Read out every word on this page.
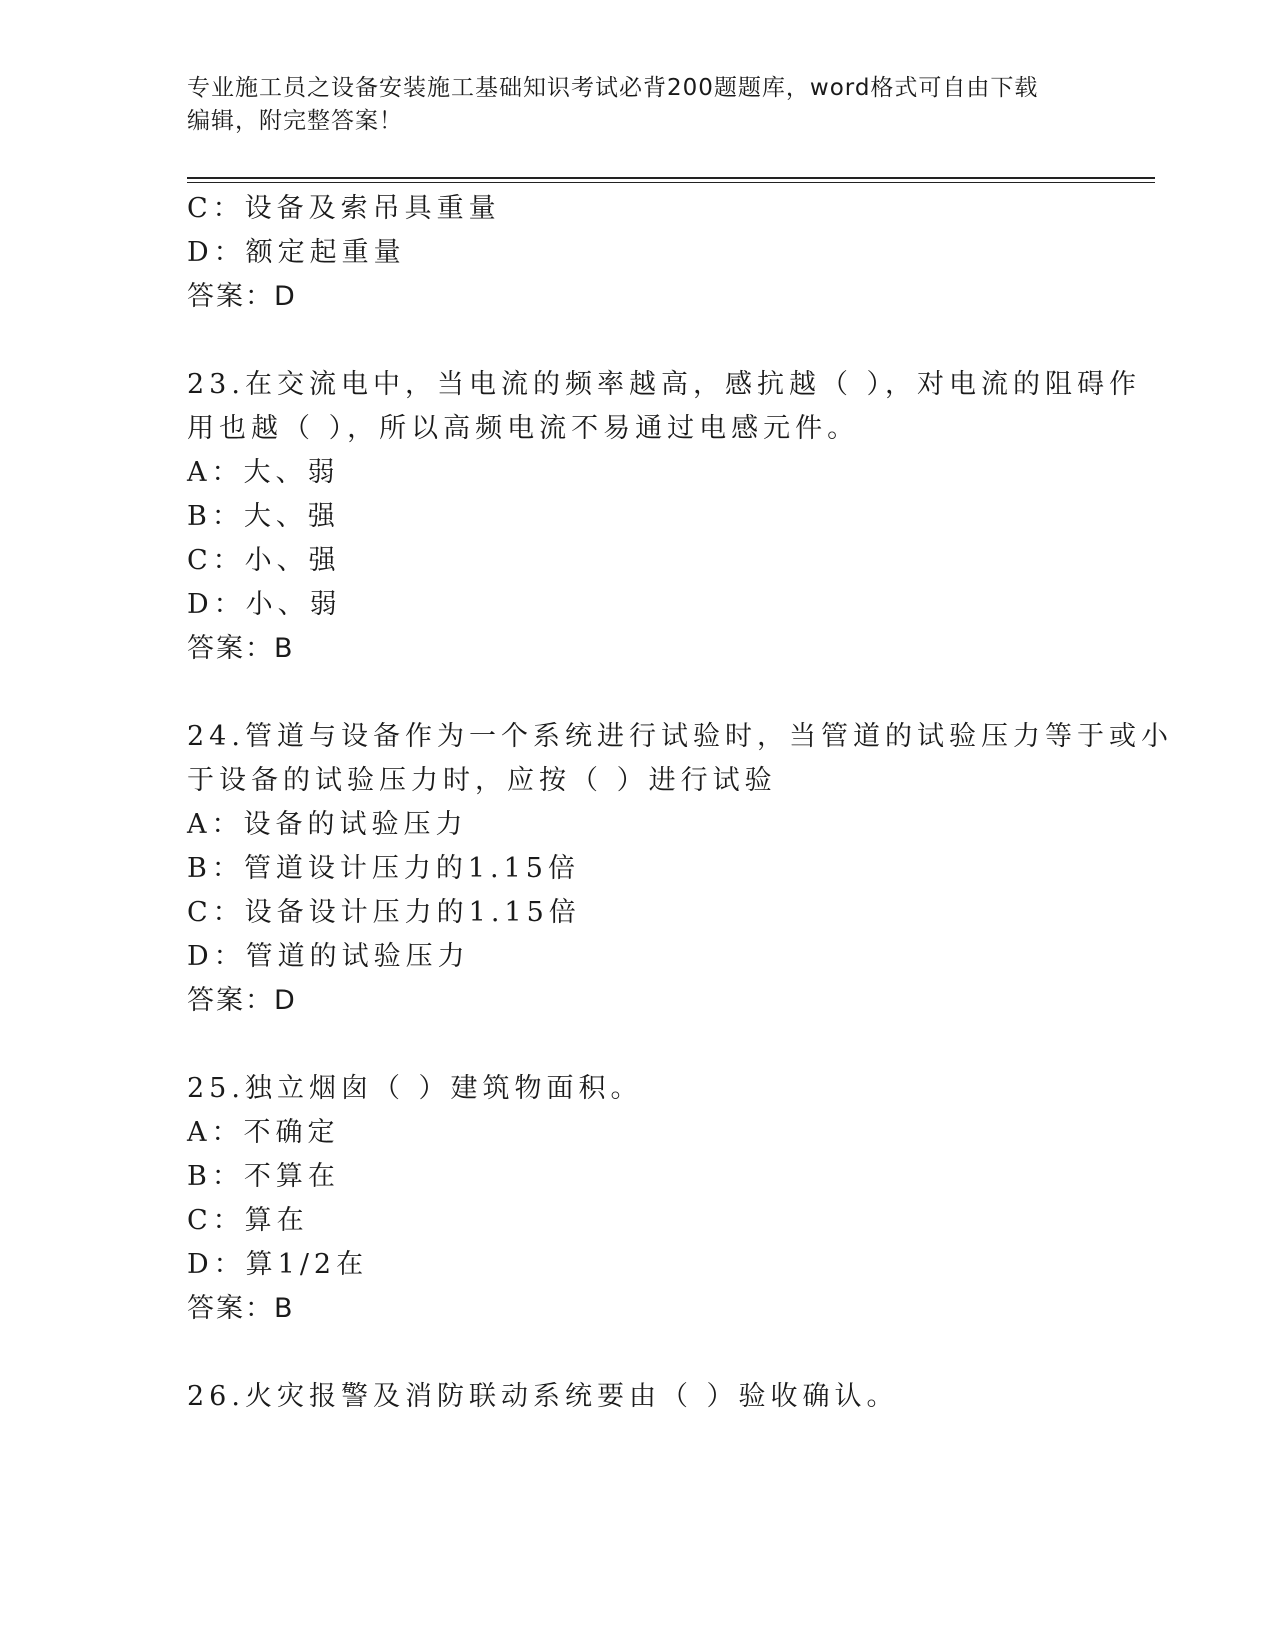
专业施工员之设备安装施工基础知识考试必背200题题库，word格式可自由下载
编辑，附完整答案！
C：设备及索吊具重量
D：额定起重量
答案：D
23.在交流电中，当电流的频率越高，感抗越（ ），对电流的阻碍作
用也越（ ），所以高频电流不易通过电感元件。
A：大、弱
B：大、强
C：小、强
D：小、弱
答案：B
24.管道与设备作为一个系统进行试验时，当管道的试验压力等于或小
于设备的试验压力时，应按（ ）进行试验
A：设备的试验压力
B：管道设计压力的1.15倍
C：设备设计压力的1.15倍
D：管道的试验压力
答案：D
25.独立烟囱（ ）建筑物面积。
A：不确定
B：不算在
C：算在
D：算1/2在
答案：B
26.火灾报警及消防联动系统要由（ ）验收确认。
